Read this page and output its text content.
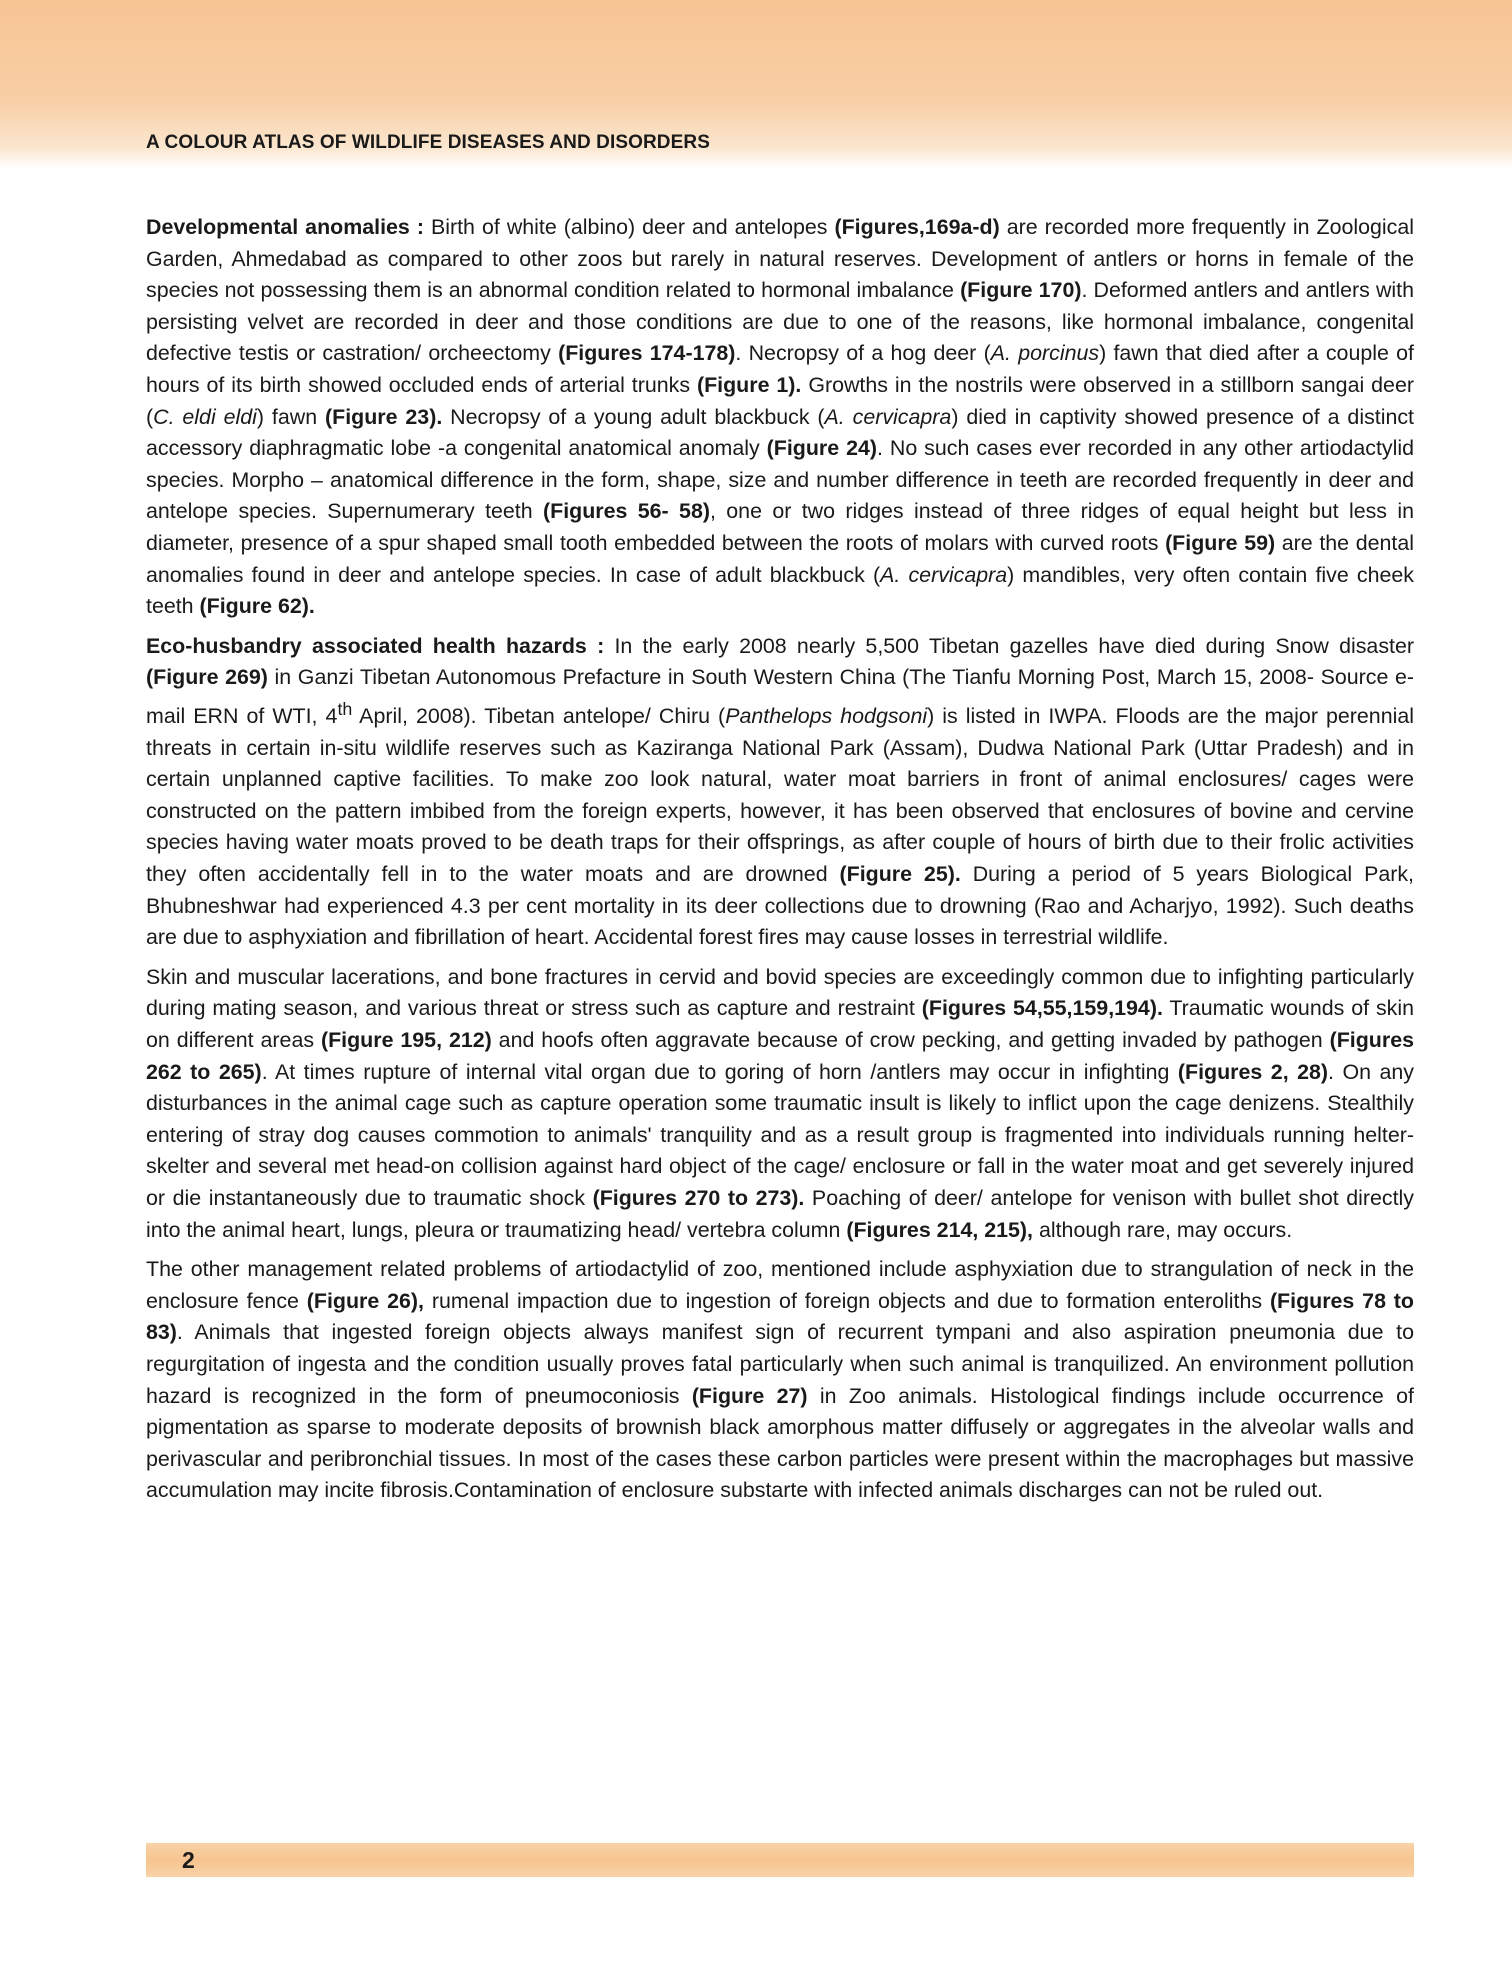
A COLOUR ATLAS OF WILDLIFE DISEASES AND DISORDERS

Developmental anomalies : Birth of white (albino) deer and antelopes (Figures,169a-d) are recorded more frequently in Zoological Garden, Ahmedabad as compared to other zoos but rarely in natural reserves. Development of antlers or horns in female of the species not possessing them is an abnormal condition related to hormonal imbalance (Figure 170). Deformed antlers and antlers with persisting velvet are recorded in deer and those conditions are due to one of the reasons, like hormonal imbalance, congenital defective testis or castration/ orcheectomy (Figures 174-178). Necropsy of a hog deer (A. porcinus) fawn that died after a couple of hours of its birth showed occluded ends of arterial trunks (Figure 1). Growths in the nostrils were observed in a stillborn sangai deer (C. eldi eldi) fawn (Figure 23). Necropsy of a young adult blackbuck (A. cervicapra) died in captivity showed presence of a distinct accessory diaphragmatic lobe -a congenital anatomical anomaly (Figure 24). No such cases ever recorded in any other artiodactylid species. Morpho – anatomical difference in the form, shape, size and number difference in teeth are recorded frequently in deer and antelope species. Supernumerary teeth (Figures 56- 58), one or two ridges instead of three ridges of equal height but less in diameter, presence of a spur shaped small tooth embedded between the roots of molars with curved roots (Figure 59) are the dental anomalies found in deer and antelope species. In case of adult blackbuck (A. cervicapra) mandibles, very often contain five cheek teeth (Figure 62).

Eco-husbandry associated health hazards : In the early 2008 nearly 5,500 Tibetan gazelles have died during Snow disaster (Figure 269) in Ganzi Tibetan Autonomous Prefacture in South Western China (The Tianfu Morning Post, March 15, 2008- Source e-mail ERN of WTI, 4th April, 2008). Tibetan antelope/ Chiru (Panthelops hodgsoni) is listed in IWPA. Floods are the major perennial threats in certain in-situ wildlife reserves such as Kaziranga National Park (Assam), Dudwa National Park (Uttar Pradesh) and in certain unplanned captive facilities. To make zoo look natural, water moat barriers in front of animal enclosures/ cages were constructed on the pattern imbibed from the foreign experts, however, it has been observed that enclosures of bovine and cervine species having water moats proved to be death traps for their offsprings, as after couple of hours of birth due to their frolic activities they often accidentally fell in to the water moats and are drowned (Figure 25). During a period of 5 years Biological Park, Bhubneshwar had experienced 4.3 per cent mortality in its deer collections due to drowning (Rao and Acharjyo, 1992). Such deaths are due to asphyxiation and fibrillation of heart. Accidental forest fires may cause losses in terrestrial wildlife.

Skin and muscular lacerations, and bone fractures in cervid and bovid species are exceedingly common due to infighting particularly during mating season, and various threat or stress such as capture and restraint (Figures 54,55,159,194). Traumatic wounds of skin on different areas (Figure 195, 212) and hoofs often aggravate because of crow pecking, and getting invaded by pathogen (Figures 262 to 265). At times rupture of internal vital organ due to goring of horn /antlers may occur in infighting (Figures 2, 28). On any disturbances in the animal cage such as capture operation some traumatic insult is likely to inflict upon the cage denizens. Stealthily entering of stray dog causes commotion to animals' tranquility and as a result group is fragmented into individuals running helter-skelter and several met head-on collision against hard object of the cage/ enclosure or fall in the water moat and get severely injured or die instantaneously due to traumatic shock (Figures 270 to 273). Poaching of deer/ antelope for venison with bullet shot directly into the animal heart, lungs, pleura or traumatizing head/ vertebra column (Figures 214, 215), although rare, may occurs.

The other management related problems of artiodactylid of zoo, mentioned include asphyxiation due to strangulation of neck in the enclosure fence (Figure 26), rumenal impaction due to ingestion of foreign objects and due to formation enteroliths (Figures 78 to 83). Animals that ingested foreign objects always manifest sign of recurrent tympani and also aspiration pneumonia due to regurgitation of ingesta and the condition usually proves fatal particularly when such animal is tranquilized. An environment pollution hazard is recognized in the form of pneumoconiosis (Figure 27) in Zoo animals. Histological findings include occurrence of pigmentation as sparse to moderate deposits of brownish black amorphous matter diffusely or aggregates in the alveolar walls and perivascular and peribronchial tissues. In most of the cases these carbon particles were present within the macrophages but massive accumulation may incite fibrosis.Contamination of enclosure substarte with infected animals discharges can not be ruled out.

2
